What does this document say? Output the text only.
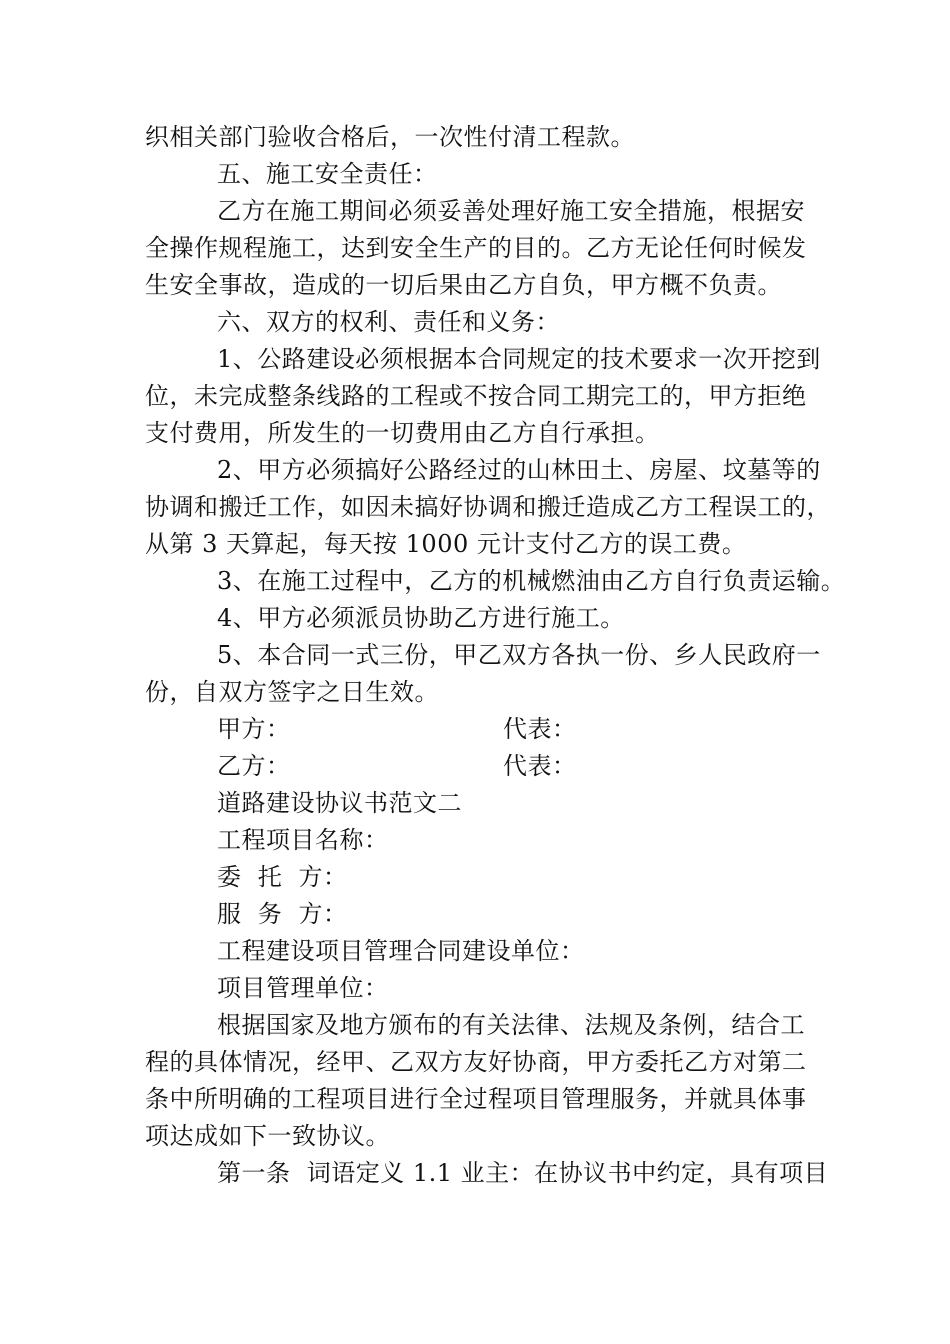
织相关部门验收合格后，一次性付清工程款。
五、施工安全责任：
乙方在施工期间必须妥善处理好施工安全措施，根据安
全操作规程施工，达到安全生产的目的。乙方无论任何时候发
生安全事故，造成的一切后果由乙方自负，甲方概不负责。
六、双方的权利、责任和义务：
1、公路建设必须根据本合同规定的技术要求一次开挖到
位，未完成整条线路的工程或不按合同工期完工的，甲方拒绝
支付费用，所发生的一切费用由乙方自行承担。
2、甲方必须搞好公路经过的山林田土、房屋、坟墓等的
协调和搬迁工作，如因未搞好协调和搬迁造成乙方工程误工的，
从第 3 天算起，每天按 1000 元计支付乙方的误工费。
3、在施工过程中，乙方的机械燃油由乙方自行负责运输。
4、甲方必须派员协助乙方进行施工。
5、本合同一式三份，甲乙双方各执一份、乡人民政府一
份，自双方签字之日生效。
甲方：	代表：
乙方：	代表：
道路建设协议书范文二
工程项目名称：
委  托  方：
服  务  方：
工程建设项目管理合同建设单位：
项目管理单位：
根据国家及地方颁布的有关法律、法规及条例，结合工
程的具体情况，经甲、乙双方友好协商，甲方委托乙方对第二
条中所明确的工程项目进行全过程项目管理服务，并就具体事
项达成如下一致协议。
第一条  词语定义 1.1 业主：在协议书中约定，具有项目
